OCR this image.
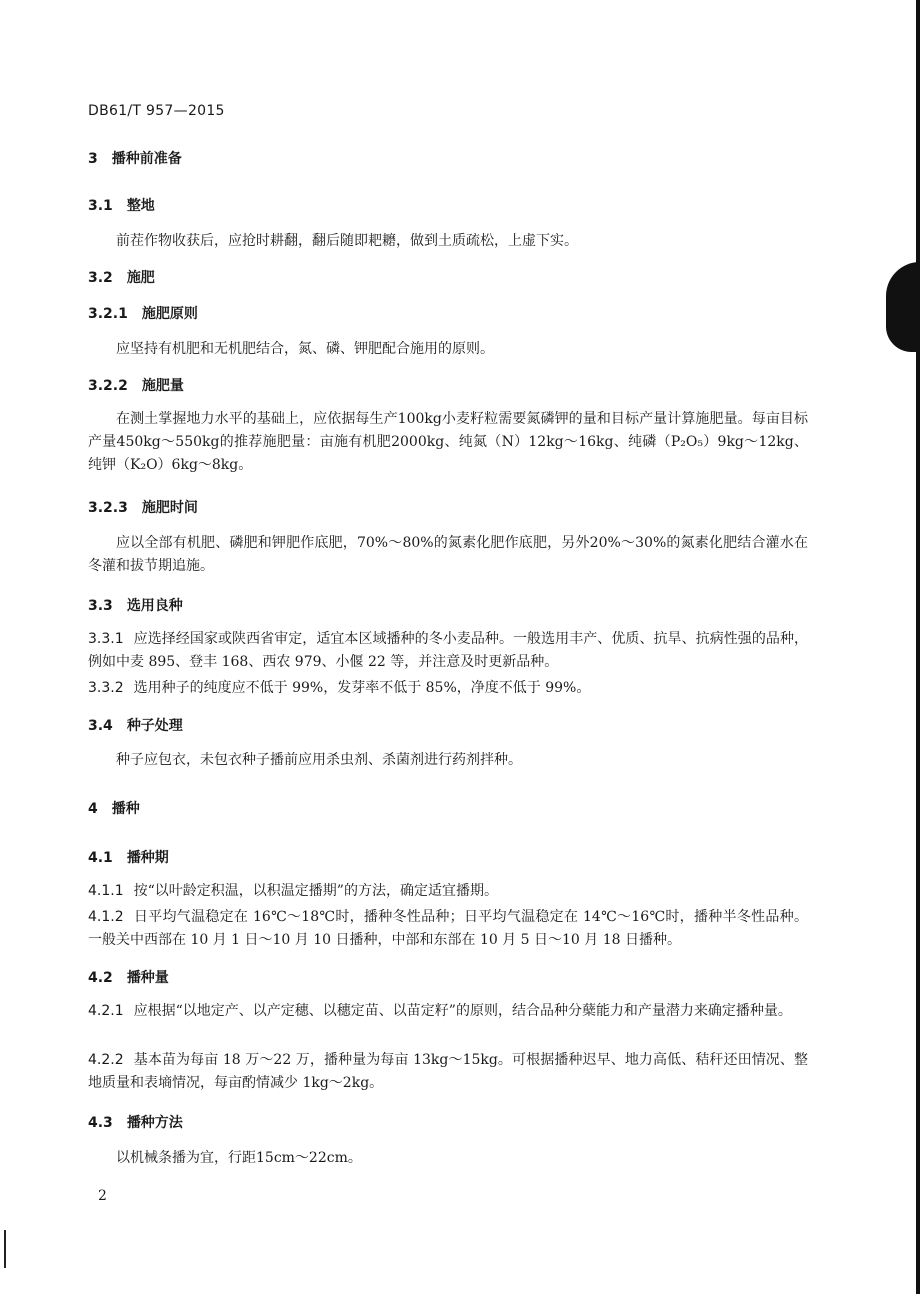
DB61/T 957—2015
3 播种前准备
3.1 整地
前茬作物收获后，应抢时耕翻，翻后随即耙耱，做到土质疏松，上虚下实。
3.2 施肥
3.2.1 施肥原则
应坚持有机肥和无机肥结合，氮、磷、钾肥配合施用的原则。
3.2.2 施肥量
在测土掌握地力水平的基础上，应依据每生产100kg小麦籽粒需要氮磷钾的量和目标产量计算施肥量。每亩目标产量450kg～550kg的推荐施肥量：亩施有机肥2000kg、纯氮（N）12kg～16kg、纯磷（P₂O₅）9kg～12kg、纯钾（K₂O）6kg～8kg。
3.2.3 施肥时间
应以全部有机肥、磷肥和钾肥作底肥，70%～80%的氮素化肥作底肥，另外20%～30%的氮素化肥结合灌水在冬灌和拔节期追施。
3.3 选用良种
3.3.1 应选择经国家或陕西省审定，适宜本区域播种的冬小麦品种。一般选用丰产、优质、抗旱、抗病性强的品种，例如中麦 895、登丰 168、西农 979、小偃 22 等，并注意及时更新品种。
3.3.2 选用种子的纯度应不低于 99%，发芽率不低于 85%，净度不低于 99%。
3.4 种子处理
种子应包衣，未包衣种子播前应用杀虫剂、杀菌剂进行药剂拌种。
4 播种
4.1 播种期
4.1.1 按“以叶龄定积温，以积温定播期”的方法，确定适宜播期。
4.1.2 日平均气温稳定在 16℃～18℃时，播种冬性品种；日平均气温稳定在 14℃～16℃时，播种半冬性品种。一般关中西部在 10 月 1 日～10 月 10 日播种，中部和东部在 10 月 5 日～10 月 18 日播种。
4.2 播种量
4.2.1 应根据“以地定产、以产定穗、以穗定苗、以苗定籽”的原则，结合品种分蘖能力和产量潜力来确定播种量。
4.2.2 基本苗为每亩 18 万～22 万，播种量为每亩 13kg～15kg。可根据播种迟早、地力高低、秸秆还田情况、整地质量和表墒情况，每亩酌情减少 1kg～2kg。
4.3 播种方法
以机械条播为宜，行距15cm～22cm。
2
